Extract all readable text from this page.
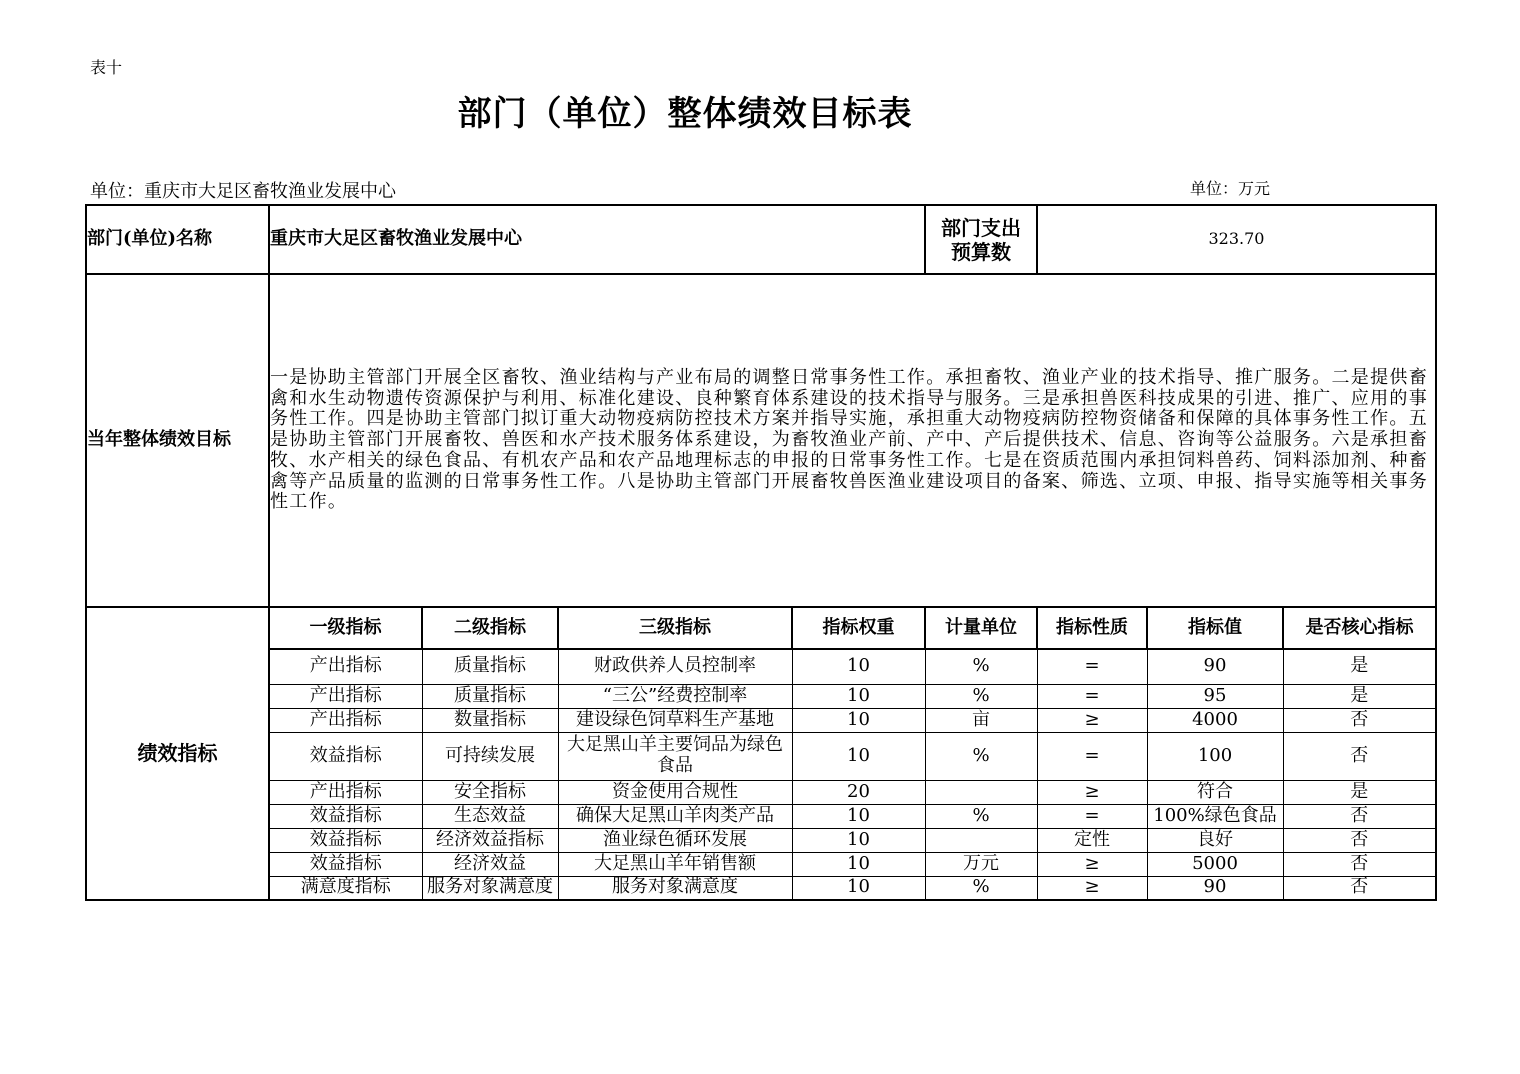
表十
部门（单位）整体绩效目标表
单位：重庆市大足区畜牧渔业发展中心	单位：万元
部门(单位)名称	重庆市大足区畜牧渔业发展中心				部门支出预算数	323.70		
当年整体绩效目标	一是协助主管部门开展全区畜牧、渔业结构与产业布局的调整日常事务性工作。承担畜牧、渔业产业的技术指导、推广服务。二是提供畜禽和水生动物遗传资源保护与利用、标准化建设、良种繁育体系建设的技术指导与服务。三是承担兽医科技成果的引进、推广、应用的事务性工作。四是协助主管部门拟订重大动物疫病防控技术方案并指导实施，承担重大动物疫病防控物资储备和保障的具体事务性工作。五是协助主管部门开展畜牧、兽医和水产技术服务体系建设，为畜牧渔业产前、产中、产后提供技术、信息、咨询等公益服务。六是承担畜牧、水产相关的绿色食品、有机农产品和农产品地理标志的申报的日常事务性工作。七是在资质范围内承担饲料兽药、饲料添加剂、种畜禽等产品质量的监测的日常事务性工作。八是协助主管部门开展畜牧兽医渔业建设项目的备案、筛选、立项、申报、指导实施等相关事务性工作。							
绩效指标	一级指标	二级指标	三级指标	指标权重	计量单位	指标性质	指标值	是否核心指标
	产出指标	质量指标	财政供养人员控制率	10	%	=	90	是
	产出指标	质量指标	“三公”经费控制率	10	%	=	95	是
	产出指标	数量指标	建设绿色饲草料生产基地	10	亩	≥	4000	否
	效益指标	可持续发展	大足黑山羊主要饲品为绿色食品	10	%	=	100	否
	产出指标	安全指标	资金使用合规性	20		≥	符合	是
	效益指标	生态效益	确保大足黑山羊肉类产品	10	%	=	100%绿色食品	否
	效益指标	经济效益指标	渔业绿色循环发展	10		定性	良好	否
	效益指标	经济效益	大足黑山羊年销售额	10	万元	≥	5000	否
	满意度指标	服务对象满意度	服务对象满意度	10	%	≥	90	否
